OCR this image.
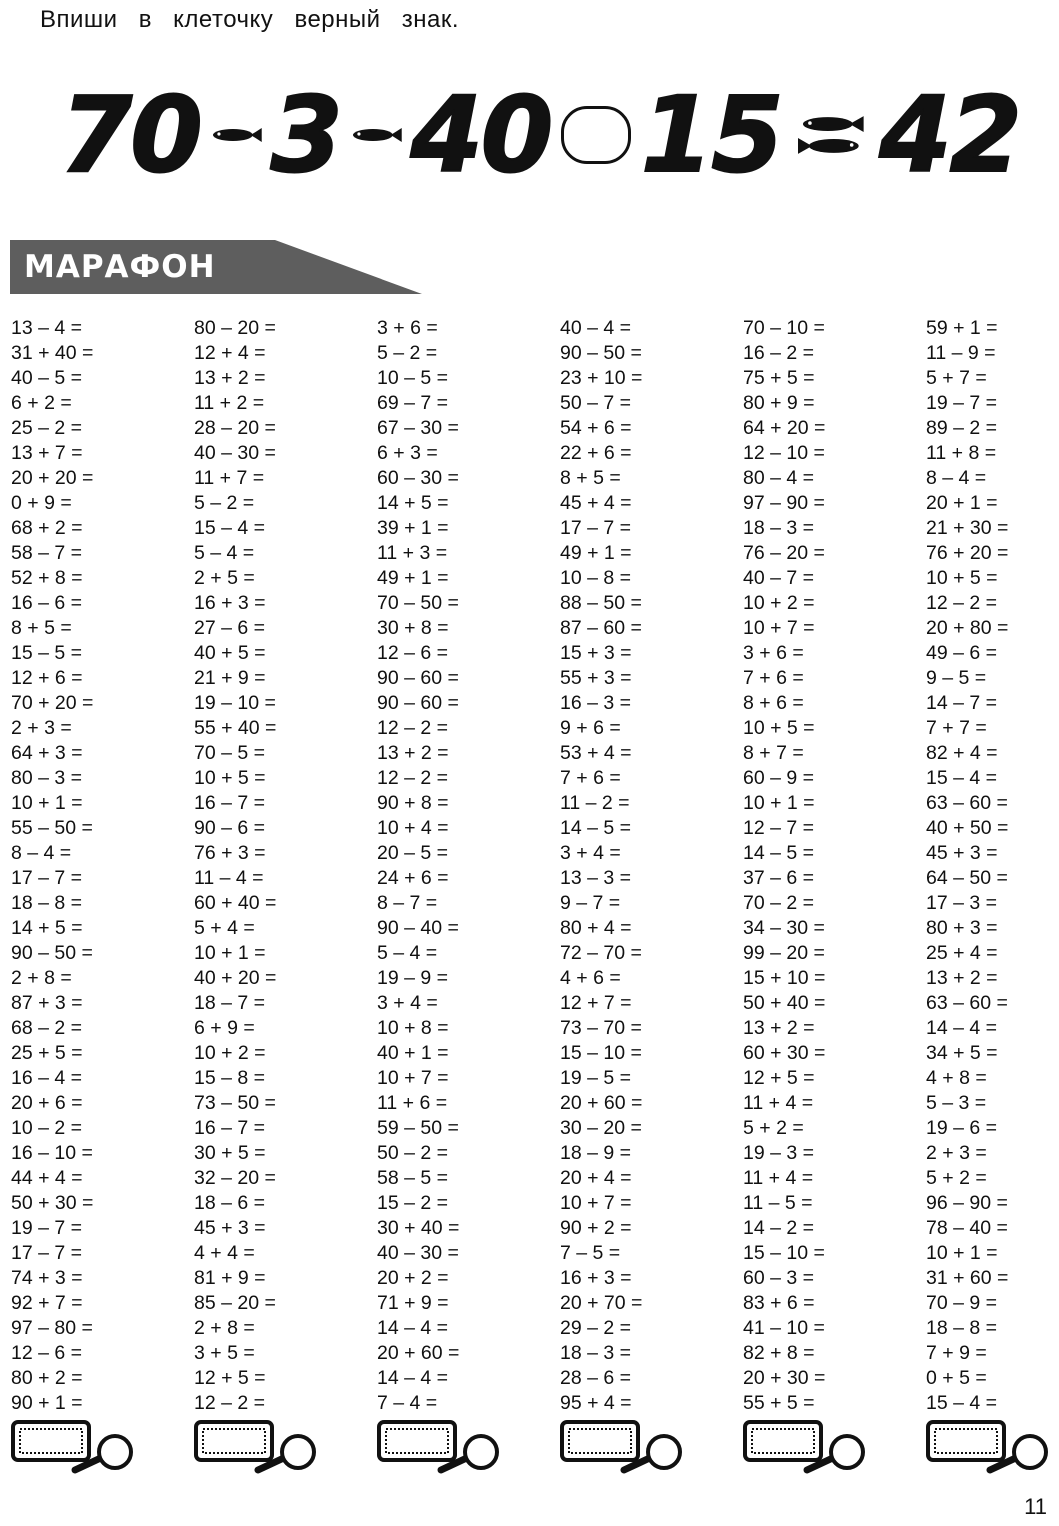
Впиши в клеточку верный знак.
70 3 40 15 42
МАРАФОН
13 – 4 =
31 + 40 =
40 – 5 =
6 + 2 =
25 – 2 =
13 + 7 =
20 + 20 =
0 + 9 =
68 + 2 =
58 – 7 =
52 + 8 =
16 – 6 =
8 + 5 =
15 – 5 =
12 + 6 =
70 + 20 =
2 + 3 =
64 + 3 =
80 – 3 =
10 + 1 =
55 – 50 =
8 – 4 =
17 – 7 =
18 – 8 =
14 + 5 =
90 – 50 =
2 + 8 =
87 + 3 =
68 – 2 =
25 + 5 =
16 – 4 =
20 + 6 =
10 – 2 =
16 – 10 =
44 + 4 =
50 + 30 =
19 – 7 =
17 – 7 =
74 + 3 =
92 + 7 =
97 – 80 =
12 – 6 =
80 + 2 =
90 + 1 =
80 – 20 =
12 + 4 =
13 + 2 =
11 + 2 =
28 – 20 =
40 – 30 =
11 + 7 =
5 – 2 =
15 – 4 =
5 – 4 =
2 + 5 =
16 + 3 =
27 – 6 =
40 + 5 =
21 + 9 =
19 – 10 =
55 + 40 =
70 – 5 =
10 + 5 =
16 – 7 =
90 – 6 =
76 + 3 =
11 – 4 =
60 + 40 =
5 + 4 =
10 + 1 =
40 + 20 =
18 – 7 =
6 + 9 =
10 + 2 =
15 – 8 =
73 – 50 =
16 – 7 =
30 + 5 =
32 – 20 =
18 – 6 =
45 + 3 =
4 + 4 =
81 + 9 =
85 – 20 =
2 + 8 =
3 + 5 =
12 + 5 =
12 – 2 =
3 + 6 =
5 – 2 =
10 – 5 =
69 – 7 =
67 – 30 =
6 + 3 =
60 – 30 =
14 + 5 =
39 + 1 =
11 + 3 =
49 + 1 =
70 – 50 =
30 + 8 =
12 – 6 =
90 – 60 =
90 – 60 =
12 – 2 =
13 + 2 =
12 – 2 =
90 + 8 =
10 + 4 =
20 – 5 =
24 + 6 =
8 – 7 =
90 – 40 =
5 – 4 =
19 – 9 =
3 + 4 =
10 + 8 =
40 + 1 =
10 + 7 =
11 + 6 =
59 – 50 =
50 – 2 =
58 – 5 =
15 – 2 =
30 + 40 =
40 – 30 =
20 + 2 =
71 + 9 =
14 – 4 =
20 + 60 =
14 – 4 =
7 – 4 =
40 – 4 =
90 – 50 =
23 + 10 =
50 – 7 =
54 + 6 =
22 + 6 =
8 + 5 =
45 + 4 =
17 – 7 =
49 + 1 =
10 – 8 =
88 – 50 =
87 – 60 =
15 + 3 =
55 + 3 =
16 – 3 =
9 + 6 =
53 + 4 =
7 + 6 =
11 – 2 =
14 – 5 =
3 + 4 =
13 – 3 =
9 – 7 =
80 + 4 =
72 – 70 =
4 + 6 =
12 + 7 =
73 – 70 =
15 – 10 =
19 – 5 =
20 + 60 =
30 – 20 =
18 – 9 =
20 + 4 =
10 + 7 =
90 + 2 =
7 – 5 =
16 + 3 =
20 + 70 =
29 – 2 =
18 – 3 =
28 – 6 =
95 + 4 =
70 – 10 =
16 – 2 =
75 + 5 =
80 + 9 =
64 + 20 =
12 – 10 =
80 – 4 =
97 – 90 =
18 – 3 =
76 – 20 =
40 – 7 =
10 + 2 =
10 + 7 =
3 + 6 =
7 + 6 =
8 + 6 =
10 + 5 =
8 + 7 =
60 – 9 =
10 + 1 =
12 – 7 =
14 – 5 =
37 – 6 =
70 – 2 =
34 – 30 =
99 – 20 =
15 + 10 =
50 + 40 =
13 + 2 =
60 + 30 =
12 + 5 =
11 + 4 =
5 + 2 =
19 – 3 =
11 + 4 =
11 – 5 =
14 – 2 =
15 – 10 =
60 – 3 =
83 + 6 =
41 – 10 =
82 + 8 =
20 + 30 =
55 + 5 =
59 + 1 =
11 – 9 =
5 + 7 =
19 – 7 =
89 – 2 =
11 + 8 =
8 – 4 =
20 + 1 =
21 + 30 =
76 + 20 =
10 + 5 =
12 – 2 =
20 + 80 =
49 – 6 =
9 – 5 =
14 – 7 =
7 + 7 =
82 + 4 =
15 – 4 =
63 – 60 =
40 + 50 =
45 + 3 =
64 – 50 =
17 – 3 =
80 + 3 =
25 + 4 =
13 + 2 =
63 – 60 =
14 – 4 =
34 + 5 =
4 + 8 =
5 – 3 =
19 – 6 =
2 + 3 =
5 + 2 =
96 – 90 =
78 – 40 =
10 + 1 =
31 + 60 =
70 – 9 =
18 – 8 =
7 + 9 =
0 + 5 =
15 – 4 =
11
